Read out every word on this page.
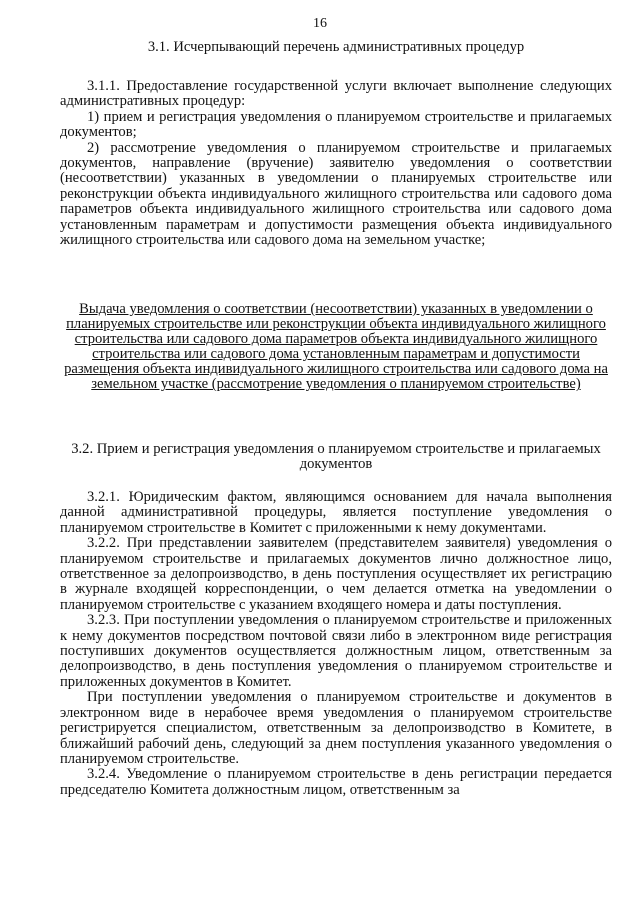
16

3.1. Исчерпывающий перечень административных процедур

3.1.1. Предоставление государственной услуги включает выполнение следующих административных процедур:

1) прием и регистрация уведомления о планируемом строительстве и прилагаемых документов;

2) рассмотрение уведомления о планируемом строительстве и прилагаемых документов, направление (вручение) заявителю уведомления о соответствии (несоответствии) указанных в уведомлении о планируемых строительстве или реконструкции объекта индивидуального жилищного строительства или садового дома параметров объекта индивидуального жилищного строительства или садового дома установленным параметрам и допустимости размещения объекта индивидуального жилищного строительства или садового дома на земельном участке;

Выдача уведомления о соответствии (несоответствии) указанных в уведомлении о планируемых строительстве или реконструкции объекта индивидуального жилищного строительства или садового дома параметров объекта индивидуального жилищного строительства или садового дома установленным параметрам и допустимости размещения объекта индивидуального жилищного строительства или садового дома на земельном участке (рассмотрение уведомления о планируемом строительстве)

3.2. Прием и регистрация уведомления о планируемом строительстве и прилагаемых документов

3.2.1. Юридическим фактом, являющимся основанием для начала выполнения данной административной процедуры, является поступление уведомления о планируемом строительстве в Комитет с приложенными к нему документами.

3.2.2. При представлении заявителем (представителем заявителя) уведомления о планируемом строительстве и прилагаемых документов лично должностное лицо, ответственное за делопроизводство, в день поступления осуществляет их регистрацию в журнале входящей корреспонденции, о чем делается отметка на уведомлении о планируемом строительстве с указанием входящего номера и даты поступления.

3.2.3. При поступлении уведомления о планируемом строительстве и приложенных к нему документов посредством почтовой связи либо в электронном виде регистрация поступивших документов осуществляется должностным лицом, ответственным за делопроизводство, в день поступления уведомления о планируемом строительстве и приложенных документов в Комитет.

При поступлении уведомления о планируемом строительстве и документов в электронном виде в нерабочее время уведомления о планируемом строительстве регистрируется специалистом, ответственным за делопроизводство в Комитете, в ближайший рабочий день, следующий за днем поступления указанного уведомления о планируемом строительстве.

3.2.4. Уведомление о планируемом строительстве в день регистрации передается председателю Комитета должностным лицом, ответственным за
